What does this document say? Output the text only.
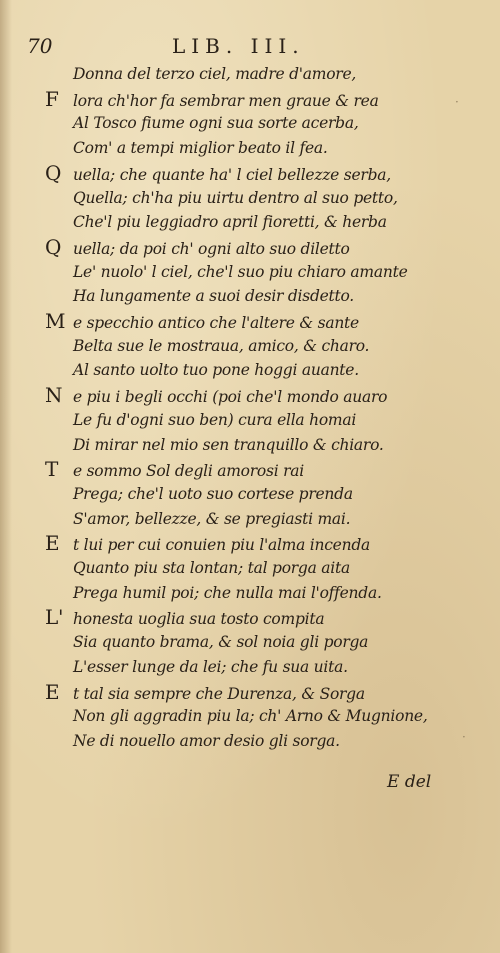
70	LIB. III.
Donna del terzo ciel, madre d'amore,
F lora ch'hor fa sembrar men graue & rea
Al Tosco fiume ogni sua sorte acerba,
Com' a tempi miglior beato il fea.
Q uella; che quante ha' l ciel bellezze serba,
Quella; ch'ha piu uirtu dentro al suo petto,
Che'l piu leggiadro april fioretti, & herba
Q uella; da poi ch' ogni alto suo diletto
Le' nuolo' l ciel, che'l suo piu chiaro amante
Ha lungamente a suoi desir disdetto.
M e specchio antico che l'altere & sante
Belta sue le mostraua, amico, & charo.
Al santo uolto tuo pone hoggi auante.
N e piu i begli occhi (poi che'l mondo auaro
Le fu d'ogni suo ben) cura ella homai
Di mirar nel mio sen tranquillo & chiaro.
T e sommo Sol degli amorosi rai
Prega; che'l uoto suo cortese prenda
S'amor, bellezze, & se pregiasti mai.
E t lui per cui conuien piu l'alma incenda
Quanto piu sta lontan; tal porga aita
Prega humil poi; che nulla mai l'offenda.
L' honesta uoglia sua tosto compita
Sia quanto brama, & sol noia gli porga
L'esser lunge da lei; che fu sua uita.
E t tal sia sempre che Durenza, & Sorga
Non gli aggradin piu la; ch' Arno & Mugnione,
Ne di nouello amor desio gli sorga.
E del
·
·
